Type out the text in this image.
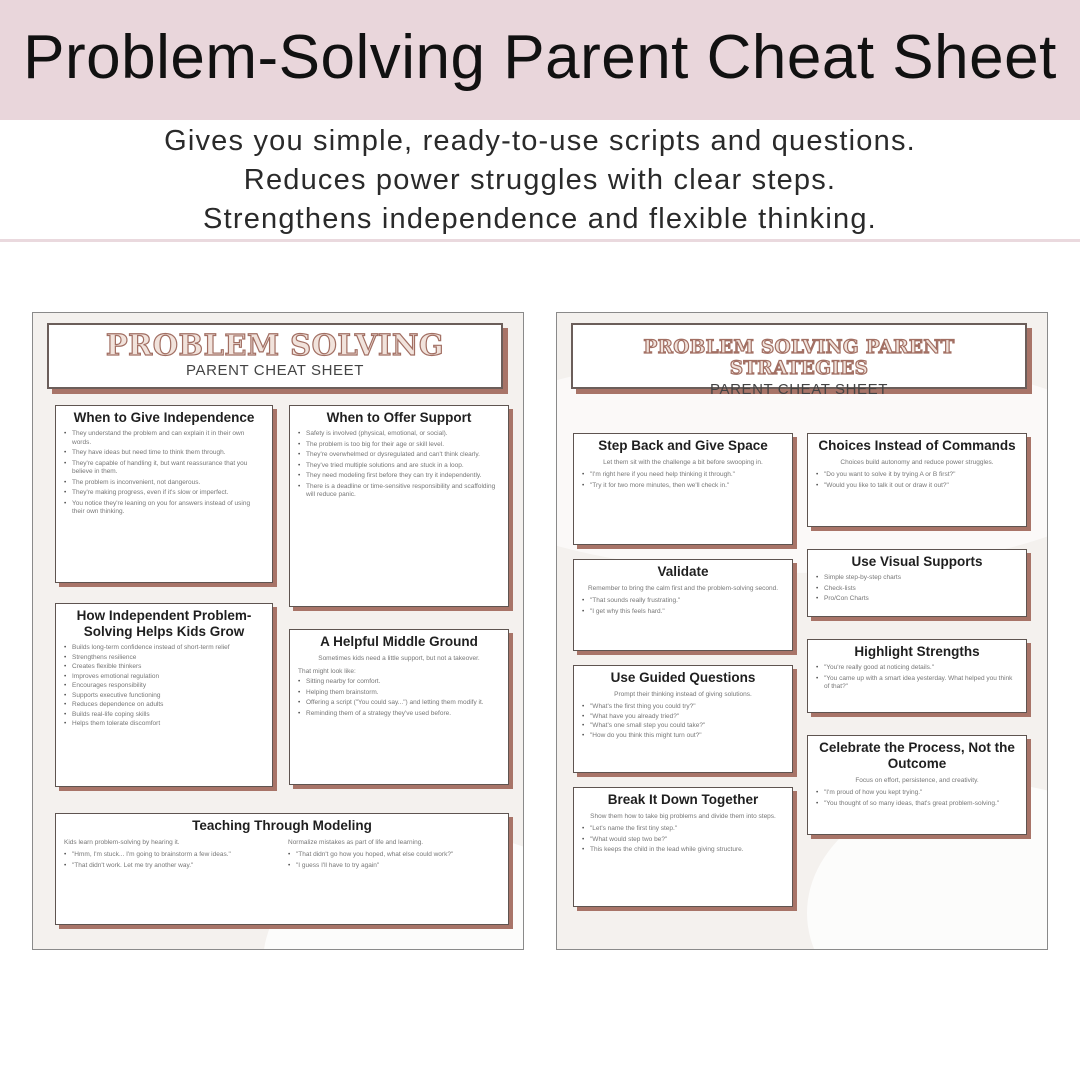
Problem-Solving Parent Cheat Sheet

Gives you simple, ready-to-use scripts and questions.

Reduces power struggles with clear steps.

Strengthens independence and flexible thinking.

PROBLEM SOLVING
PARENT CHEAT SHEET
When to Give Independence
• They understand the problem and can explain it in their own words.
• They have ideas but need time to think them through.
• They're capable of handling it, but want reassurance that you believe in them.
• The problem is inconvenient, not dangerous.
• They're making progress, even if it's slow or imperfect.
• You notice they're leaning on you for answers instead of using their own thinking.
When to Offer Support
• Safety is involved (physical, emotional, or social).
• The problem is too big for their age or skill level.
• They're overwhelmed or dysregulated and can't think clearly.
• They've tried multiple solutions and are stuck in a loop.
• They need modeling first before they can try it independently.
• There is a deadline or time-sensitive responsibility and scaffolding will reduce panic.
How Independent Problem-Solving Helps Kids Grow
• Builds long-term confidence instead of short-term relief
• Strengthens resilience
• Creates flexible thinkers
• Improves emotional regulation
• Encourages responsibility
• Supports executive functioning
• Reduces dependence on adults
• Builds real-life coping skills
• Helps them tolerate discomfort
A Helpful Middle Ground

Sometimes kids need a little support, but not a takeover.

That might look like:

• Sitting nearby for comfort.
• Helping them brainstorm.
• Offering a script ("You could say...") and letting them modify it.
• Reminding them of a strategy they've used before.
Teaching Through Modeling

Kids learn problem-solving by hearing it.

• "Hmm, I'm stuck... I'm going to brainstorm a few ideas."
• "That didn't work. Let me try another way."

Normalize mistakes as part of life and learning.

• "That didn't go how you hoped, what else could work?"
• "I guess I'll have to try again"
PROBLEM SOLVING PARENT STRATEGIES
PARENT CHEAT SHEET
Step Back and Give Space

Let them sit with the challenge a bit before swooping in.

• "I'm right here if you need help thinking it through."
• "Try it for two more minutes, then we'll check in."
Choices Instead of Commands

Choices build autonomy and reduce power struggles.

• "Do you want to solve it by trying A or B first?"
• "Would you like to talk it out or draw it out?"
Use Visual Supports
• Simple step-by-step charts
• Check-lists
• Pro/Con Charts
Validate

Remember to bring the calm first and the problem-solving second.

• "That sounds really frustrating."
• "I get why this feels hard."
Highlight Strengths
• "You're really good at noticing details."
• "You came up with a smart idea yesterday. What helped you think of that?"
Use Guided Questions

Prompt their thinking instead of giving solutions.

• "What's the first thing you could try?"
• "What have you already tried?"
• "What's one small step you could take?"
• "How do you think this might turn out?"
Celebrate the Process, Not the Outcome

Focus on effort, persistence, and creativity.

• "I'm proud of how you kept trying."
• "You thought of so many ideas, that's great problem-solving."
Break It Down Together

Show them how to take big problems and divide them into steps.

• "Let's name the first tiny step."
• "What would step two be?"
• This keeps the child in the lead while giving structure.
